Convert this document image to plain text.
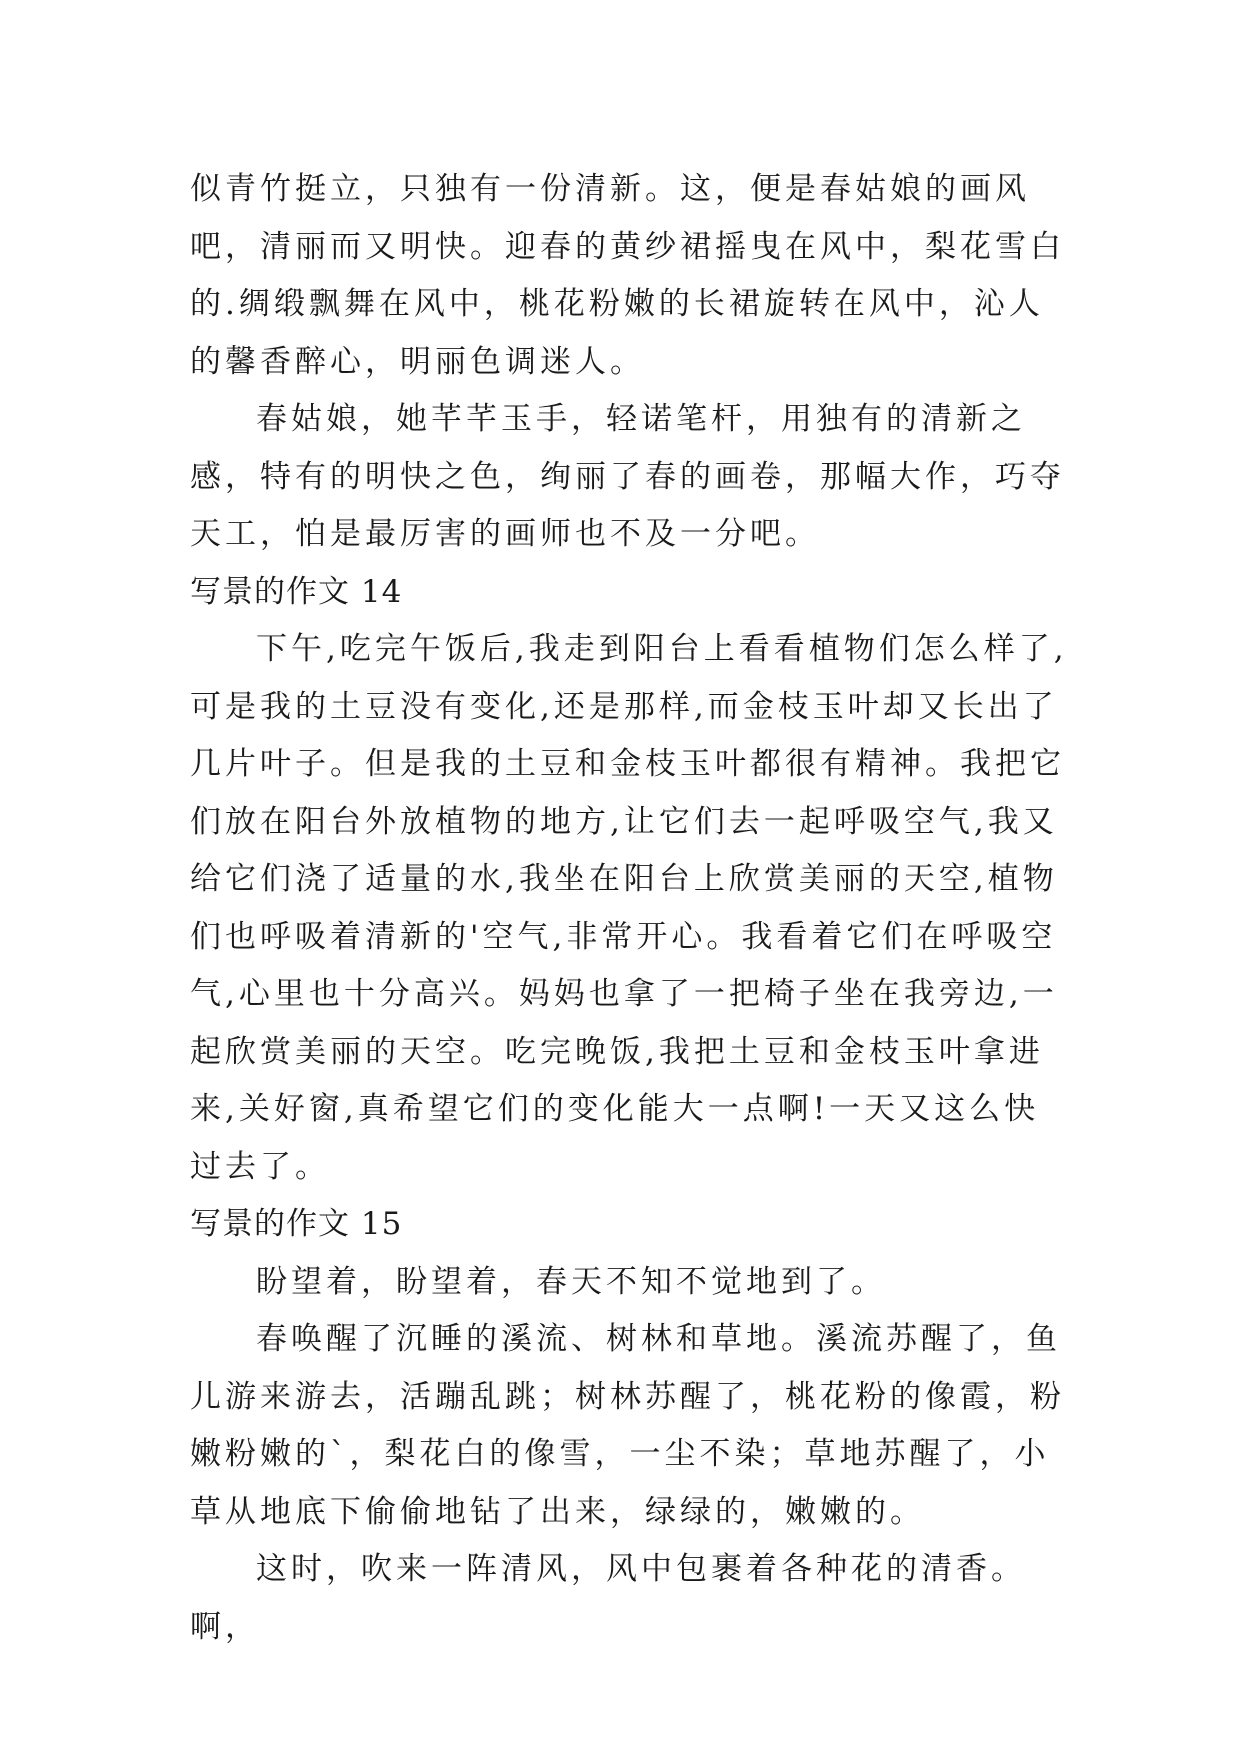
似青竹挺立，只独有一份清新。这，便是春姑娘的画风吧，清丽而又明快。迎春的黄纱裙摇曳在风中，梨花雪白的.绸缎飘舞在风中，桃花粉嫩的长裙旋转在风中，沁人的馨香醉心，明丽色调迷人。

春姑娘，她芊芊玉手，轻诺笔杆，用独有的清新之感，特有的明快之色，绚丽了春的画卷，那幅大作，巧夺天工，怕是最厉害的画师也不及一分吧。

写景的作文 14

下午,吃完午饭后,我走到阳台上看看植物们怎么样了,可是我的土豆没有变化,还是那样,而金枝玉叶却又长出了几片叶子。但是我的土豆和金枝玉叶都很有精神。我把它们放在阳台外放植物的地方,让它们去一起呼吸空气,我又给它们浇了适量的水,我坐在阳台上欣赏美丽的天空,植物们也呼吸着清新的'空气,非常开心。我看着它们在呼吸空气,心里也十分高兴。妈妈也拿了一把椅子坐在我旁边,一起欣赏美丽的天空。吃完晚饭,我把土豆和金枝玉叶拿进来,关好窗,真希望它们的变化能大一点啊!一天又这么快过去了。

写景的作文 15

盼望着，盼望着，春天不知不觉地到了。

春唤醒了沉睡的溪流、树林和草地。溪流苏醒了，鱼儿游来游去，活蹦乱跳；树林苏醒了，桃花粉的像霞，粉嫩粉嫩的`，梨花白的像雪，一尘不染；草地苏醒了，小草从地底下偷偷地钻了出来，绿绿的，嫩嫩的。

这时，吹来一阵清风，风中包裹着各种花的清香。啊，
